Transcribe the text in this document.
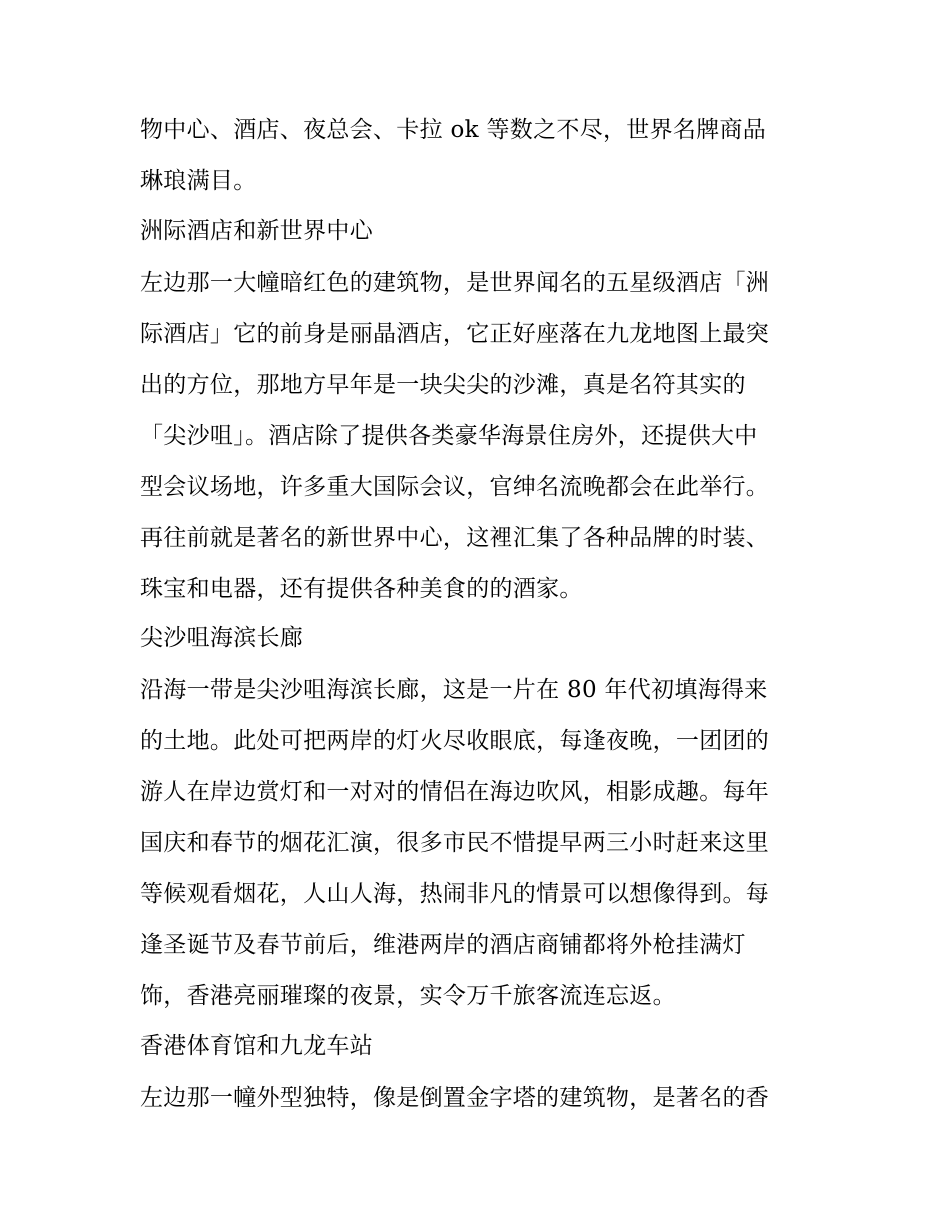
物中心、酒店、夜总会、卡拉 ok 等数之不尽，世界名牌商品
琳琅满目。
洲际酒店和新世界中心
左边那一大幢暗红色的建筑物，是世界闻名的五星级酒店「洲
际酒店」它的前身是丽晶酒店，它正好座落在九龙地图上最突
出的方位，那地方早年是一块尖尖的沙滩，真是名符其实的
「尖沙咀」。酒店除了提供各类豪华海景住房外，还提供大中
型会议场地，许多重大国际会议，官绅名流晚都会在此举行。
再往前就是著名的新世界中心，这裡汇集了各种品牌的时装、
珠宝和电器，还有提供各种美食的的酒家。
尖沙咀海滨长廊
沿海一带是尖沙咀海滨长廊，这是一片在 80 年代初填海得来
的土地。此处可把两岸的灯火尽收眼底，每逢夜晚，一团团的
游人在岸边赏灯和一对对的情侣在海边吹风，相影成趣。每年
国庆和春节的烟花汇演，很多市民不惜提早两三小时赶来这里
等候观看烟花，人山人海，热闹非凡的情景可以想像得到。每
逢圣诞节及春节前后，维港两岸的酒店商铺都将外枪挂满灯
饰，香港亮丽璀璨的夜景，实令万千旅客流连忘返。
香港体育馆和九龙车站
左边那一幢外型独特，像是倒置金字塔的建筑物，是著名的香
